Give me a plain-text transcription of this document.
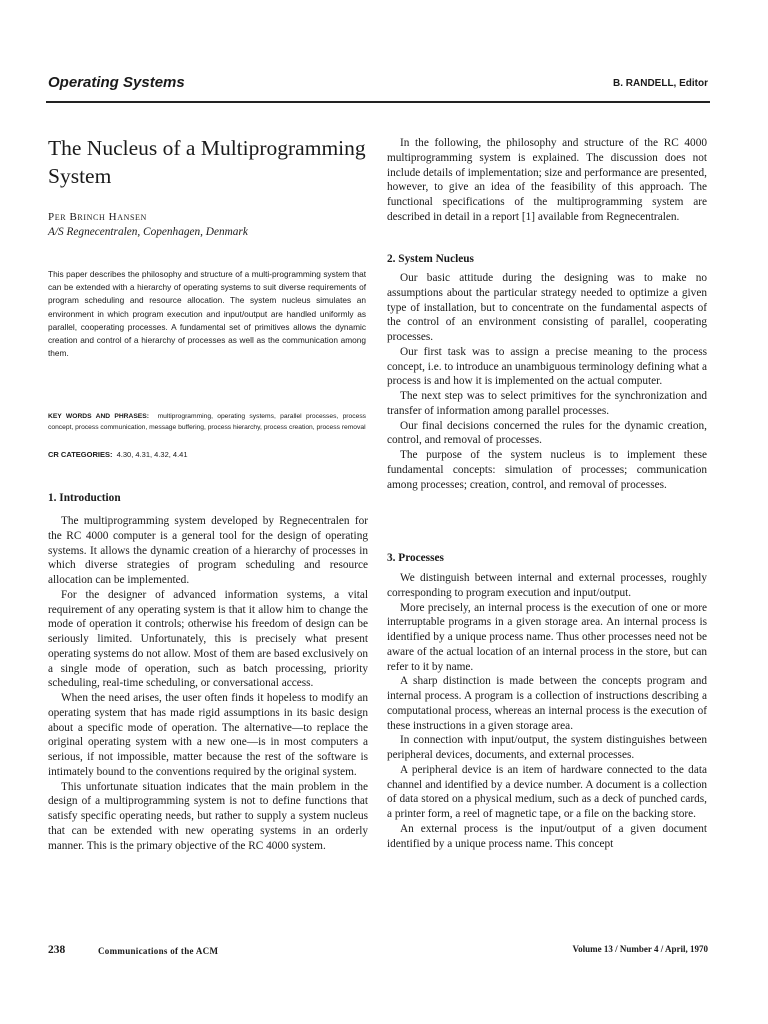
Operating Systems	B. RANDELL, Editor
The Nucleus of a Multiprogramming System
Per Brinch Hansen
A/S Regnecentralen, Copenhagen, Denmark
This paper describes the philosophy and structure of a multi-programming system that can be extended with a hierarchy of operating systems to suit diverse requirements of program scheduling and resource allocation. The system nucleus simulates an environment in which program execution and input/output are handled uniformly as parallel, cooperating processes. A fundamental set of primitives allows the dynamic creation and control of a hierarchy of processes as well as the communication among them.
KEY WORDS AND PHRASES: multiprogramming, operating systems, parallel processes, process concept, process communication, message buffering, process hierarchy, process creation, process removal
CR CATEGORIES: 4.30, 4.31, 4.32, 4.41
1. Introduction

The multiprogramming system developed by Regnecentralen for the RC 4000 computer is a general tool for the design of operating systems. It allows the dynamic creation of a hierarchy of processes in which diverse strategies of program scheduling and resource allocation can be implemented.

For the designer of advanced information systems, a vital requirement of any operating system is that it allow him to change the mode of operation it controls; otherwise his freedom of design can be seriously limited. Unfortunately, this is precisely what present operating systems do not allow. Most of them are based exclusively on a single mode of operation, such as batch processing, priority scheduling, real-time scheduling, or conversational access.

When the need arises, the user often finds it hopeless to modify an operating system that has made rigid assumptions in its basic design about a specific mode of operation. The alternative—to replace the original operating system with a new one—is in most computers a serious, if not impossible, matter because the rest of the software is intimately bound to the conventions required by the original system.

This unfortunate situation indicates that the main problem in the design of a multiprogramming system is not to define functions that satisfy specific operating needs, but rather to supply a system nucleus that can be extended with new operating systems in an orderly manner. This is the primary objective of the RC 4000 system.

In the following, the philosophy and structure of the RC 4000 multiprogramming system is explained. The discussion does not include details of implementation; size and performance are presented, however, to give an idea of the feasibility of this approach. The functional specifications of the multiprogramming system are described in detail in a report [1] available from Regnecentralen.

2. System Nucleus

Our basic attitude during the designing was to make no assumptions about the particular strategy needed to optimize a given type of installation, but to concentrate on the fundamental aspects of the control of an environment consisting of parallel, cooperating processes.

Our first task was to assign a precise meaning to the process concept, i.e. to introduce an unambiguous terminology defining what a process is and how it is implemented on the actual computer.

The next step was to select primitives for the synchronization and transfer of information among parallel processes.

Our final decisions concerned the rules for the dynamic creation, control, and removal of processes.

The purpose of the system nucleus is to implement these fundamental concepts: simulation of processes; communication among processes; creation, control, and removal of processes.

3. Processes

We distinguish between internal and external processes, roughly corresponding to program execution and input/output.

More precisely, an internal process is the execution of one or more interruptable programs in a given storage area. An internal process is identified by a unique process name. Thus other processes need not be aware of the actual location of an internal process in the store, but can refer to it by name.

A sharp distinction is made between the concepts program and internal process. A program is a collection of instructions describing a computational process, whereas an internal process is the execution of these instructions in a given storage area.

In connection with input/output, the system distinguishes between peripheral devices, documents, and external processes.

A peripheral device is an item of hardware connected to the data channel and identified by a device number. A document is a collection of data stored on a physical medium, such as a deck of punched cards, a printer form, a reel of magnetic tape, or a file on the backing store.

An external process is the input/output of a given document identified by a unique process name. This concept

238	Communications of the ACM	Volume 13 / Number 4 / April, 1970
